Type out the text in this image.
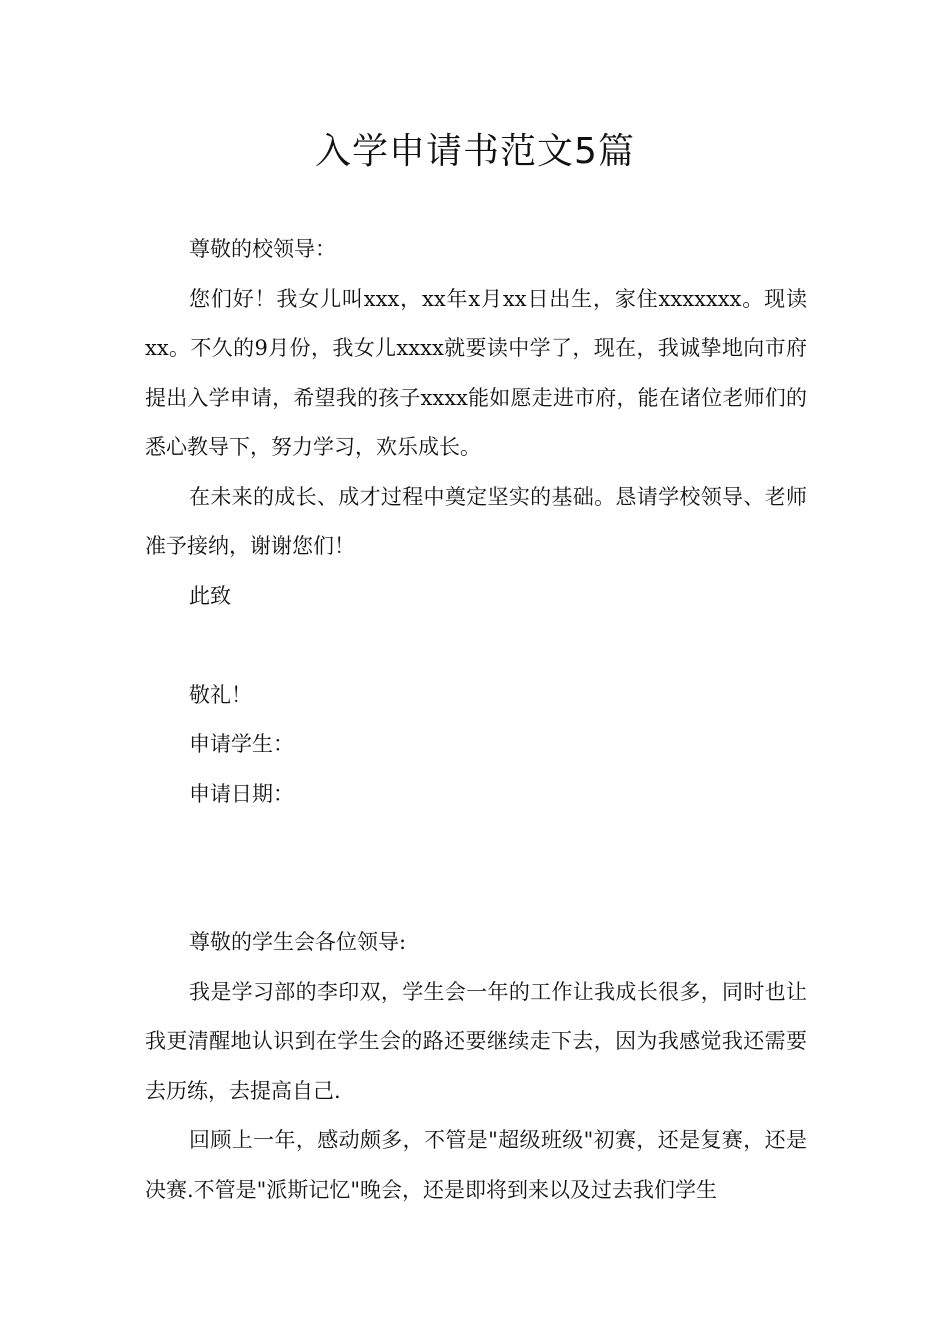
入学申请书范文5篇

尊敬的校领导：

您们好！我女儿叫xxx，xx年x月xx日出生，家住xxxxxxx。现读xx。不久的9月份，我女儿xxxx就要读中学了，现在，我诚挚地向市府提出入学申请，希望我的孩子xxxx能如愿走进市府，能在诸位老师们的悉心教导下，努力学习，欢乐成长。

在未来的成长、成才过程中奠定坚实的基础。恳请学校领导、老师准予接纳，谢谢您们！

此致

敬礼！

申请学生：

申请日期：

尊敬的学生会各位领导:

我是学习部的李印双，学生会一年的工作让我成长很多，同时也让我更清醒地认识到在学生会的路还要继续走下去，因为我感觉我还需要去历练，去提高自己.

回顾上一年，感动颇多，不管是"超级班级"初赛，还是复赛，还是决赛.不管是"派斯记忆"晚会，还是即将到来以及过去我们学生
